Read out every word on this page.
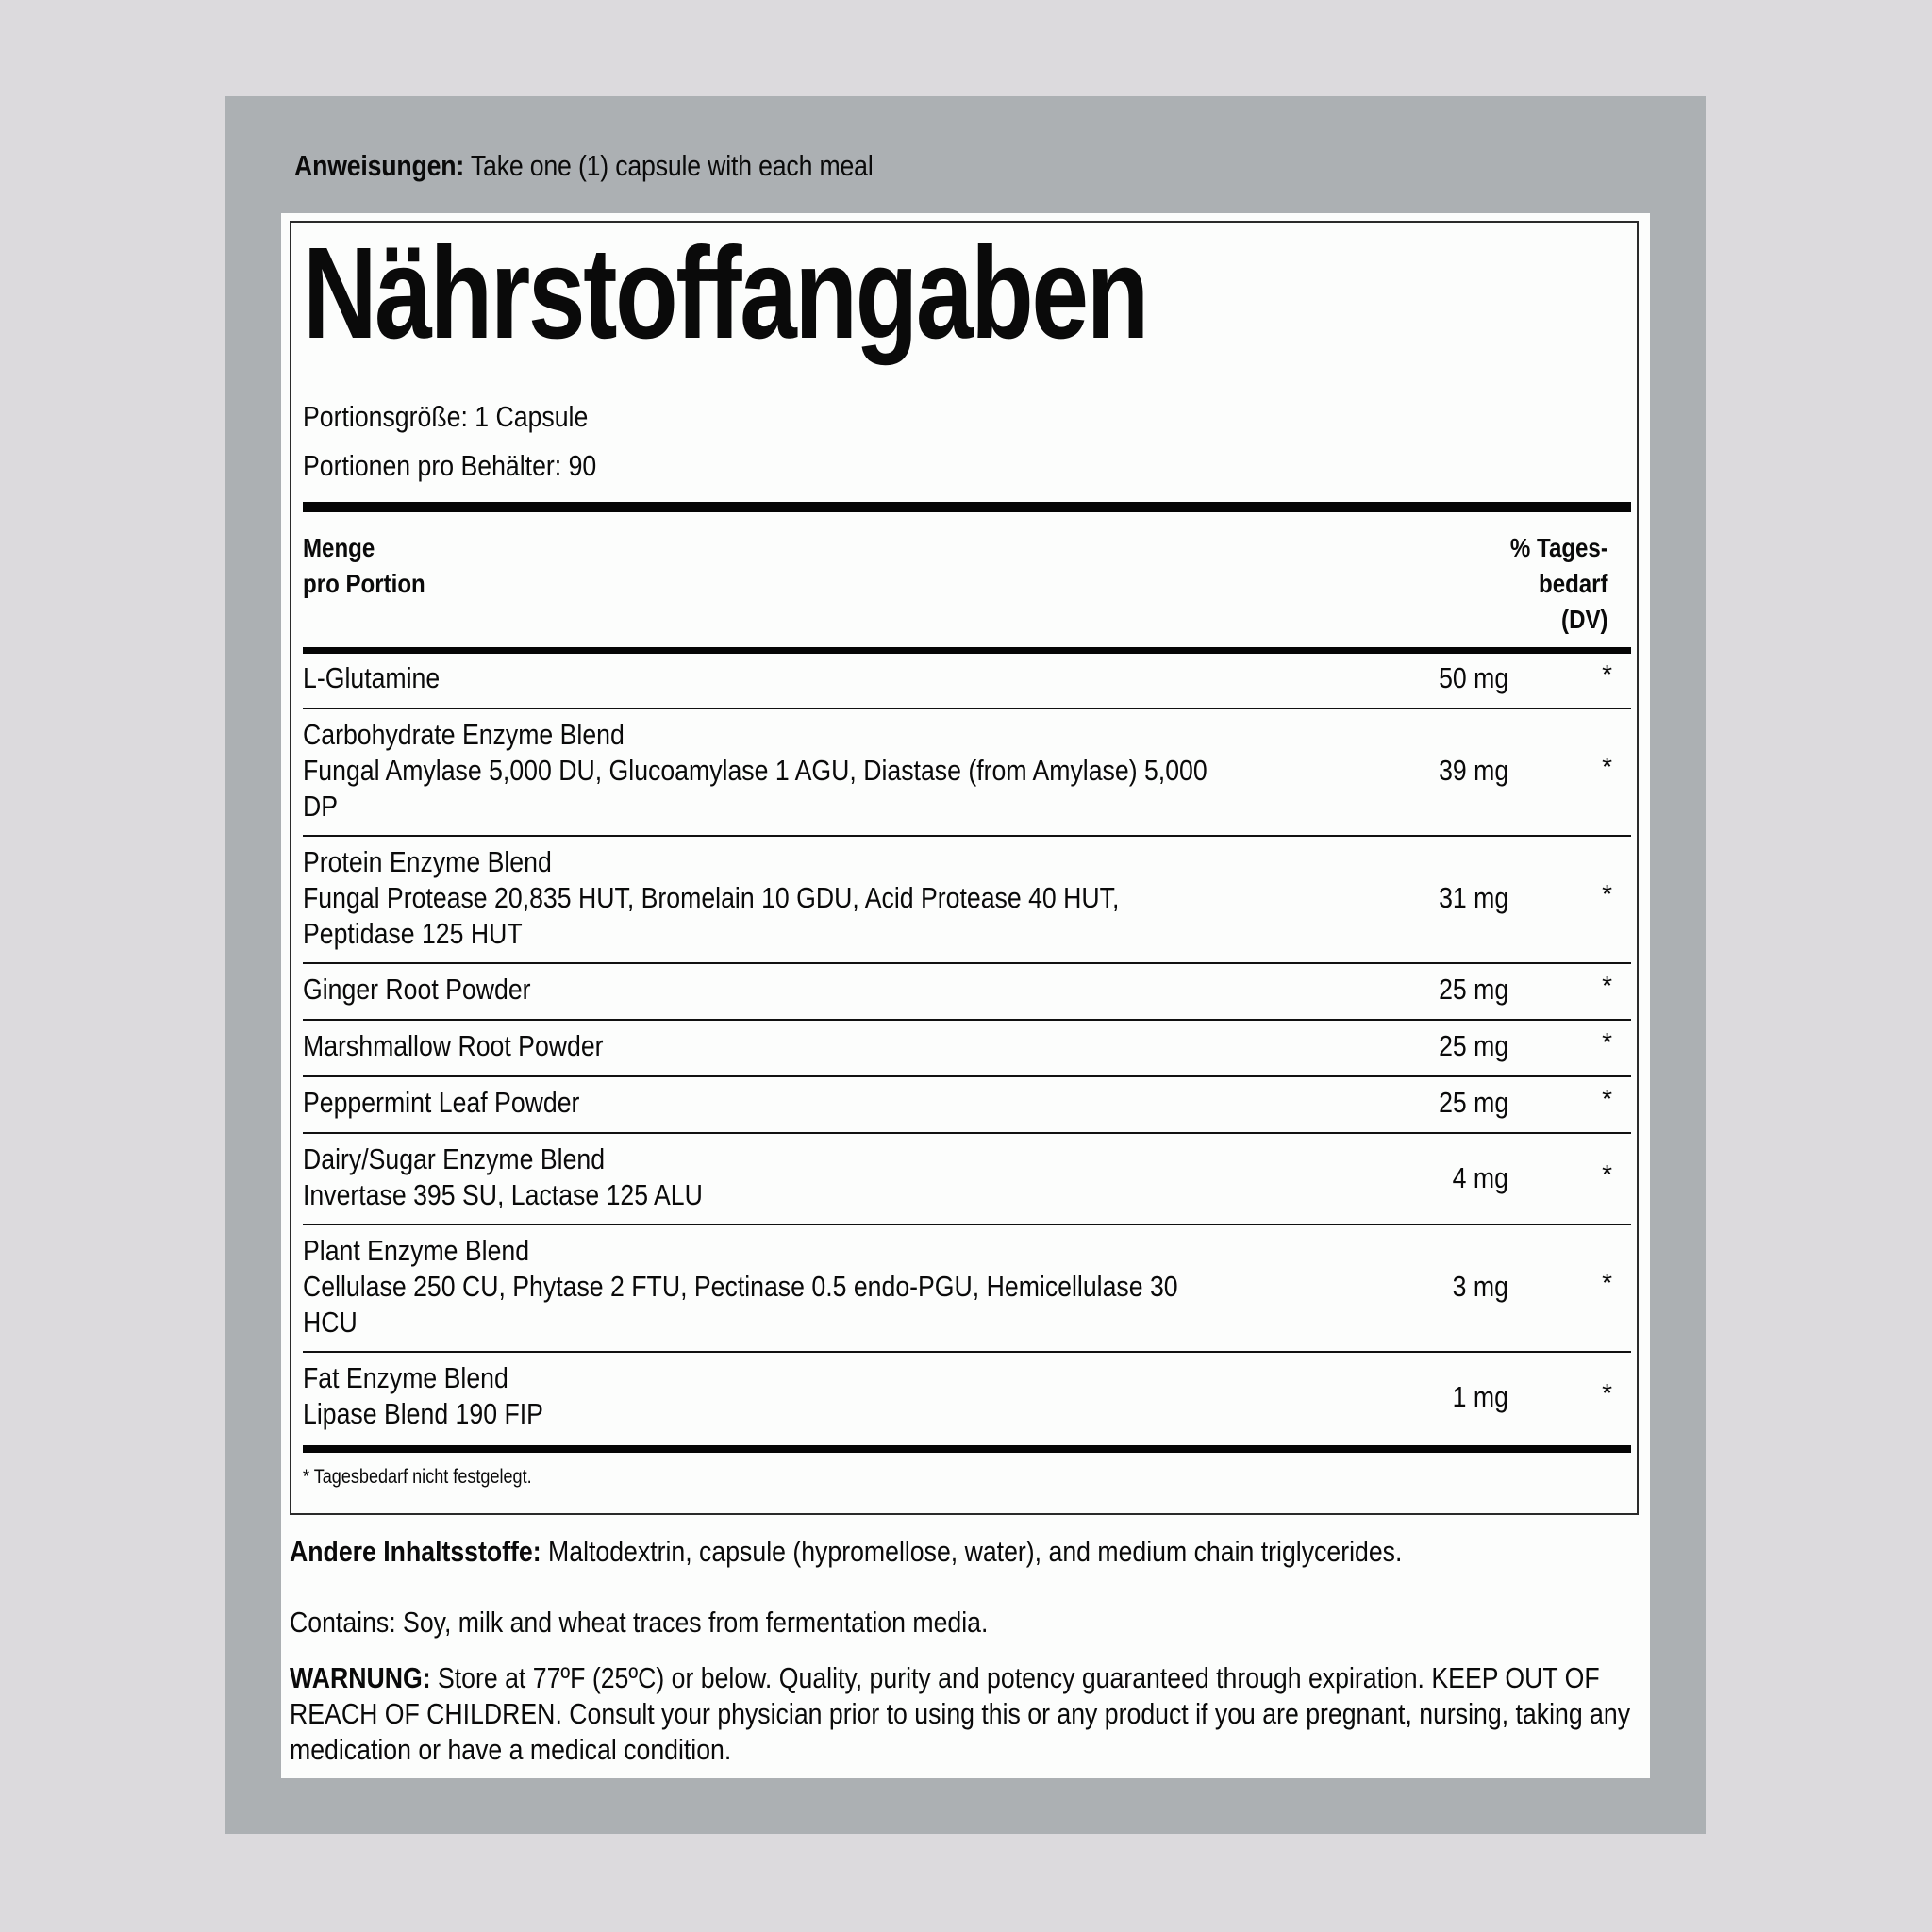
Anweisungen: Take one (1) capsule with each meal
Nährstoffangaben
Portionsgröße: 1 Capsule
Portionen pro Behälter: 90
Menge
pro Portion
% Tages-
bedarf
(DV)
L-Glutamine	50 mg	*
Carbohydrate Enzyme Blend
Fungal Amylase 5,000 DU, Glucoamylase 1 AGU, Diastase (from Amylase) 5,000
DP
39 mg	*
Protein Enzyme Blend
Fungal Protease 20,835 HUT, Bromelain 10 GDU, Acid Protease 40 HUT,
Peptidase 125 HUT
31 mg	*
Ginger Root Powder	25 mg	*
Marshmallow Root Powder	25 mg	*
Peppermint Leaf Powder	25 mg	*
Dairy/Sugar Enzyme Blend
Invertase 395 SU, Lactase 125 ALU
4 mg	*
Plant Enzyme Blend
Cellulase 250 CU, Phytase 2 FTU, Pectinase 0.5 endo-PGU, Hemicellulase 30
HCU
3 mg	*
Fat Enzyme Blend
Lipase Blend 190 FIP
1 mg	*
* Tagesbedarf nicht festgelegt.
Andere Inhaltsstoffe: Maltodextrin, capsule (hypromellose, water), and medium chain triglycerides.
Contains: Soy, milk and wheat traces from fermentation media.
WARNUNG: Store at 77ºF (25ºC) or below. Quality, purity and potency guaranteed through expiration. KEEP OUT OF
REACH OF CHILDREN. Consult your physician prior to using this or any product if you are pregnant, nursing, taking any
medication or have a medical condition.
